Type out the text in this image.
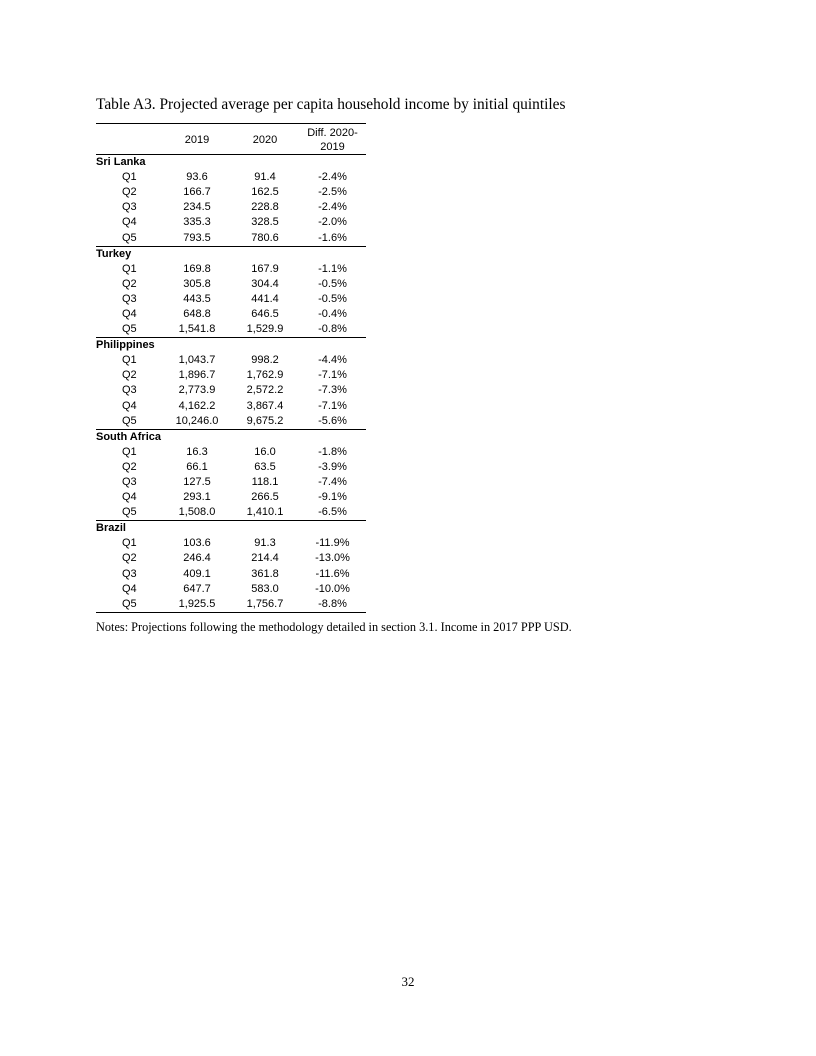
Table A3. Projected average per capita household income by initial quintiles

	2019	2020	Diff. 2020-
2019
Sri Lanka			
Q1	93.6	91.4	-2.4%
Q2	166.7	162.5	-2.5%
Q3	234.5	228.8	-2.4%
Q4	335.3	328.5	-2.0%
Q5	793.5	780.6	-1.6%
Turkey			
Q1	169.8	167.9	-1.1%
Q2	305.8	304.4	-0.5%
Q3	443.5	441.4	-0.5%
Q4	648.8	646.5	-0.4%
Q5	1,541.8	1,529.9	-0.8%
Philippines			
Q1	1,043.7	998.2	-4.4%
Q2	1,896.7	1,762.9	-7.1%
Q3	2,773.9	2,572.2	-7.3%
Q4	4,162.2	3,867.4	-7.1%
Q5	10,246.0	9,675.2	-5.6%
South Africa			
Q1	16.3	16.0	-1.8%
Q2	66.1	63.5	-3.9%
Q3	127.5	118.1	-7.4%
Q4	293.1	266.5	-9.1%
Q5	1,508.0	1,410.1	-6.5%
Brazil			
Q1	103.6	91.3	-11.9%
Q2	246.4	214.4	-13.0%
Q3	409.1	361.8	-11.6%
Q4	647.7	583.0	-10.0%
Q5	1,925.5	1,756.7	-8.8%
Notes: Projections following the methodology detailed in section 3.1. Income in 2017 PPP USD.
32
